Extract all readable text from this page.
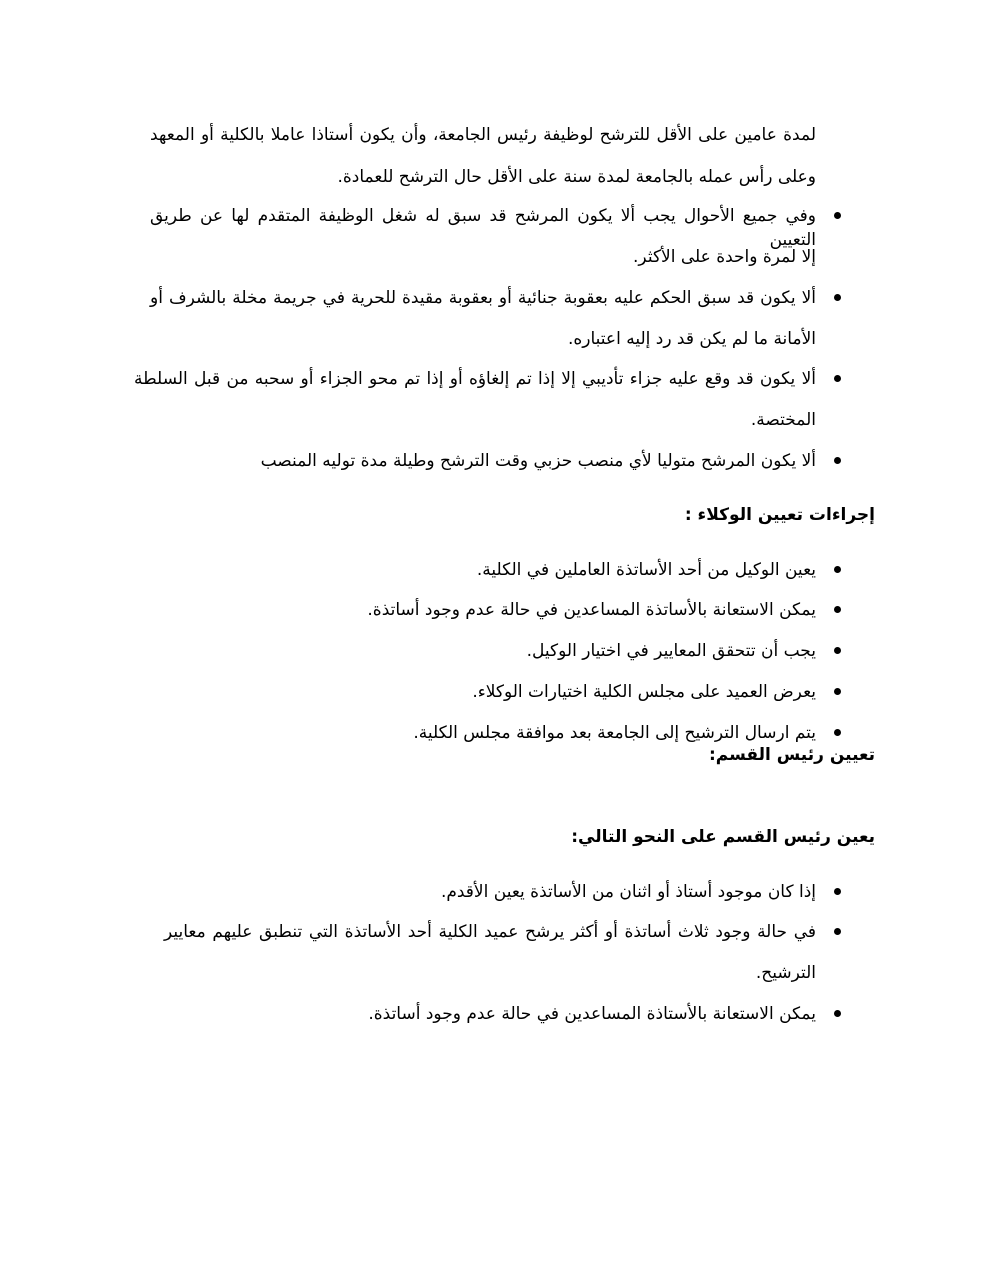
لمدة عامين على الأقل للترشح لوظيفة رئيس الجامعة، وأن يكون أستاذا عاملا بالكلية أو المعهد
وعلى رأس عمله بالجامعة لمدة سنة على الأقل حال الترشح للعمادة.
وفي جميع الأحوال يجب ألا يكون المرشح قد سبق له شغل الوظيفة المتقدم لها عن طريق التعيين
إلا لمرة واحدة على الأكثر.
ألا يكون قد سبق الحكم عليه بعقوبة جنائية أو بعقوبة مقيدة للحرية في جريمة مخلة بالشرف أو
الأمانة ما لم يكن قد رد إليه اعتباره.
ألا يكون قد وقع عليه جزاء تأديبي إلا إذا تم إلغاؤه أو إذا تم محو الجزاء أو سحبه من قبل السلطة
المختصة.
ألا يكون المرشح متوليا لأي منصب حزبي وقت الترشح وطيلة مدة توليه المنصب
إجراءات تعيين الوكلاء :
يعين الوكيل من أحد الأساتذة العاملين في الكلية.
يمكن الاستعانة بالأساتذة المساعدين في حالة عدم وجود أساتذة.
يجب أن تتحقق المعايير في اختيار الوكيل.
يعرض العميد على مجلس الكلية اختيارات الوكلاء.
يتم ارسال الترشيح إلى الجامعة بعد موافقة مجلس الكلية.
تعيين رئيس القسم:
يعين رئيس القسم على النحو التالي:
إذا كان موجود أستاذ أو اثنان من الأساتذة يعين الأقدم.
في حالة وجود ثلاث أساتذة أو أكثر يرشح عميد الكلية أحد الأساتذة التي تنطبق عليهم معايير
الترشيح.
يمكن الاستعانة بالأستاذة المساعدين في حالة عدم وجود أساتذة.
